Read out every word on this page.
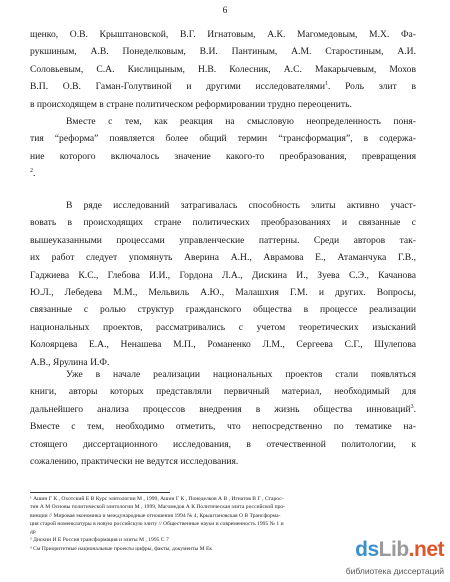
6
щенко, О.В. Крыштановской, В.Г. Игнатовым, А.К. Магомедовым, М.Х. Фа-
рукшиным, А.В. Понеделковым, В.И. Пантиным, А.М. Старостиным, А.И.
Соловьевым, С.А. Кислицыным, Н.В. Колесник, А.С. Макарычевым, Мохов
В.П. О.В. Гаман-Голутвиной и другими исследователями$^1$. Роль элит в
в происходящем в стране политическом реформировании трудно переоценить.
Вместе с тем, как реакция на смысловую неопределенность поня-
тия “реформа” появляется более общий термин “трансформация”, в содержа-
ние которого включалось значение какого-то преобразования, превращения
$^2$.
В ряде исследований затрагивалась способность элиты активно участ-
вовать в происходящих стране политических преобразованиях и связанные с
вышеуказанными процессами управленческие паттерны. Среди авторов так-
их работ следует упомянуть Аверина А.Н., Аврамова Е., Атаманчука Г.В.,
Гаджиева К.С., Глебова И.И., Гордона Л.А., Дискина И., Зуева С.Э., Качанова
Ю.Л., Лебедева М.М., Мельвиль А.Ю., Малашхия Г.М. и других. Вопросы,
связанные с ролью структур гражданского общества в процессе реализации
национальных проектов, рассматривались с учетом теоретических изысканий
Колоярцева Е.А., Ненашева М.П., Романенко Л.М., Сергеева С.Г., Шулепова
А.В., Ярулина И.Ф.
Уже в начале реализации национальных проектов стали появляться
книги, авторы которых представляли первичный материал, необходимый для
дальнейшего анализа процессов внедрения в жизнь общества инноваций$^3$.
Вместе с тем, необходимо отметить, что непосредственно по тематике на-
стоящего диссертационного исследования, в отечественной политологии, к
сожалению, практически не ведутся исследования.
¹ Ашин Г К , Охотский Е В Курс элитологии М , 1999, Ашин Г К , Понеделков А В , Игнатов В Г , Старос-
тин А М Основы политической элитологии М , 1999, Магомедов А К Политическая элита российской про-
винции // Мировая экономика и международные отношения 1994 № 4, Крыштановская О В Трансформа-
ция старой номенклатуры в новую российскую элиту // Общественные науки и современность 1995 № 1 и
др
² Дискин И Е Россия трансформация и элиты М , 1995 С 7
³ См Приоритетные национальные проекты цифры, факты, документы М Ек	dsLib.net
библиотека диссертаций
